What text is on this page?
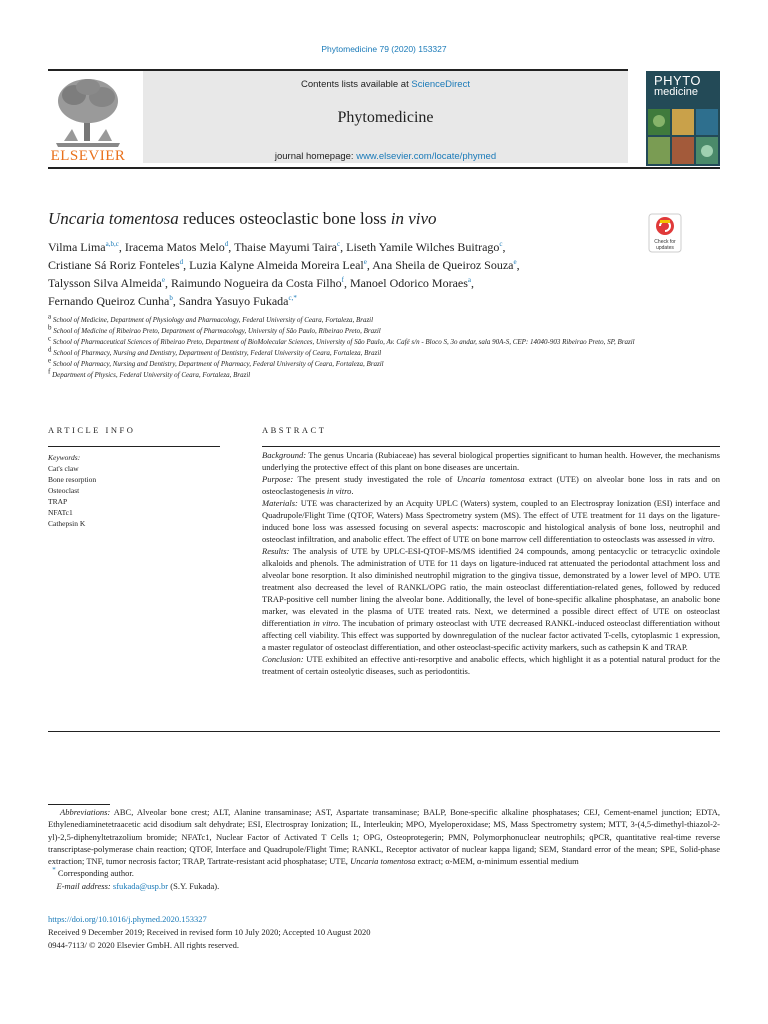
Phytomedicine 79 (2020) 153327
ELSEVIER
Contents lists available at ScienceDirect
Phytomedicine
journal homepage: www.elsevier.com/locate/phymed
PHYTO
medicine
Uncaria tomentosa reduces osteoclastic bone loss in vivo
Check for
updates
Vilma Lima$^{a,b,c}$, Iracema Matos Melo$^d$, Thaise Mayumi Taira$^c$, Liseth Yamile Wilches Buitrago$^c$,
Cristiane Sá Roriz Fonteles$^d$, Luzia Kalyne Almeida Moreira Leal$^e$, Ana Sheila de Queiroz Souza$^e$,
Talysson Silva Almeida$^e$, Raimundo Nogueira da Costa Filho$^f$, Manoel Odorico Moraes$^a$,
Fernando Queiroz Cunha$^b$, Sandra Yasuyo Fukada$^{c,*}$
a School of Medicine, Department of Physiology and Pharmacology, Federal University of Ceara, Fortaleza, Brazil
b School of Medicine of Ribeirao Preto, Department of Pharmacology, University of São Paulo, Ribeirao Preto, Brazil
c School of Pharmaceutical Sciences of Ribeirao Preto, Department of BioMolecular Sciences, University of São Paulo, Av. Café s/n - Bloco S, 3o andar, sala 90A-S, CEP: 14040-903 Ribeirao Preto, SP, Brazil
d School of Pharmacy, Nursing and Dentistry, Department of Dentistry, Federal University of Ceara, Fortaleza, Brazil
e School of Pharmacy, Nursing and Dentistry, Department of Pharmacy, Federal University of Ceara, Fortaleza, Brazil
f Department of Physics, Federal University of Ceara, Fortaleza, Brazil
ARTICLE INFO
Keywords:
Cat's claw
Bone resorption
Osteoclast
TRAP
NFATc1
Cathepsin K
ABSTRACT

Background: The genus Uncaria (Rubiaceae) has several biological properties significant to human health. However, the mechanisms underlying the protective effect of this plant on bone diseases are uncertain.

Purpose: The present study investigated the role of Uncaria tomentosa extract (UTE) on alveolar bone loss in rats and on osteoclastogenesis in vitro.

Materials: UTE was characterized by an Acquity UPLC (Waters) system, coupled to an Electrospray Ionization (ESI) interface and Quadrupole/Flight Time (QTOF, Waters) Mass Spectrometry system (MS). The effect of UTE treatment for 11 days on the ligature-induced bone loss was assessed focusing on several aspects: macroscopic and histological analysis of bone loss, neutrophil and osteoclast infiltration, and anabolic effect. The effect of UTE on bone marrow cell differentiation to osteoclasts was assessed in vitro.

Results: The analysis of UTE by UPLC-ESI-QTOF-MS/MS identified 24 compounds, among pentacyclic or tetracyclic oxindole alkaloids and phenols. The administration of UTE for 11 days on ligature-induced rat attenuated the periodontal attachment loss and alveolar bone resorption. It also diminished neutrophil migration to the gingiva tissue, demonstrated by a lower level of MPO. UTE treatment also decreased the level of RANKL/OPG ratio, the main osteoclast differentiation-related genes, followed by reduced TRAP-positive cell number lining the alveolar bone. Additionally, the level of bone-specific alkaline phosphatase, an anabolic bone marker, was elevated in the plasma of UTE treated rats. Next, we determined a possible direct effect of UTE on osteoclast differentiation in vitro. The incubation of primary osteoclast with UTE decreased RANKL-induced osteoclast differentiation without affecting cell viability. This effect was supported by downregulation of the nuclear factor activated T-cells, cytoplasmic 1 expression, a master regulator of osteoclast differentiation, and other osteoclast-specific activity markers, such as cathepsin K and TRAP.

Conclusion: UTE exhibited an effective anti-resorptive and anabolic effects, which highlight it as a potential natural product for the treatment of certain osteolytic diseases, such as periodontitis.

Abbreviations: ABC, Alveolar bone crest; ALT, Alanine transaminase; AST, Aspartate transaminase; BALP, Bone-specific alkaline phosphatases; CEJ, Cement-enamel junction; EDTA, Ethylenediaminetetraacetic acid disodium salt dehydrate; ESI, Electrospray Ionization; IL, Interleukin; MPO, Myeloperoxidase; MS, Mass Spectrometry system; MTT, 3-(4,5-dimethyl-thiazol-2-yl)-2,5-diphenyltetrazolium bromide; NFATc1, Nuclear Factor of Activated T Cells 1; OPG, Osteoprotegerin; PMN, Polymorphonuclear neutrophils; qPCR, quantitative real-time reverse transcriptase-polymerase chain reaction; QTOF, Interface and Quadrupole/Flight Time; RANKL, Receptor activator of nuclear kappa ligand; SEM, Standard error of the mean; SPE, Solid-phase extraction; TNF, tumor necrosis factor; TRAP, Tartrate-resistant acid phosphatase; UTE, Uncaria tomentosa extract; α-MEM, α-minimum essential medium
* Corresponding author.
E-mail address: sfukada@usp.br (S.Y. Fukada).
https://doi.org/10.1016/j.phymed.2020.153327
Received 9 December 2019; Received in revised form 10 July 2020; Accepted 10 August 2020
0944-7113/ © 2020 Elsevier GmbH. All rights reserved.
